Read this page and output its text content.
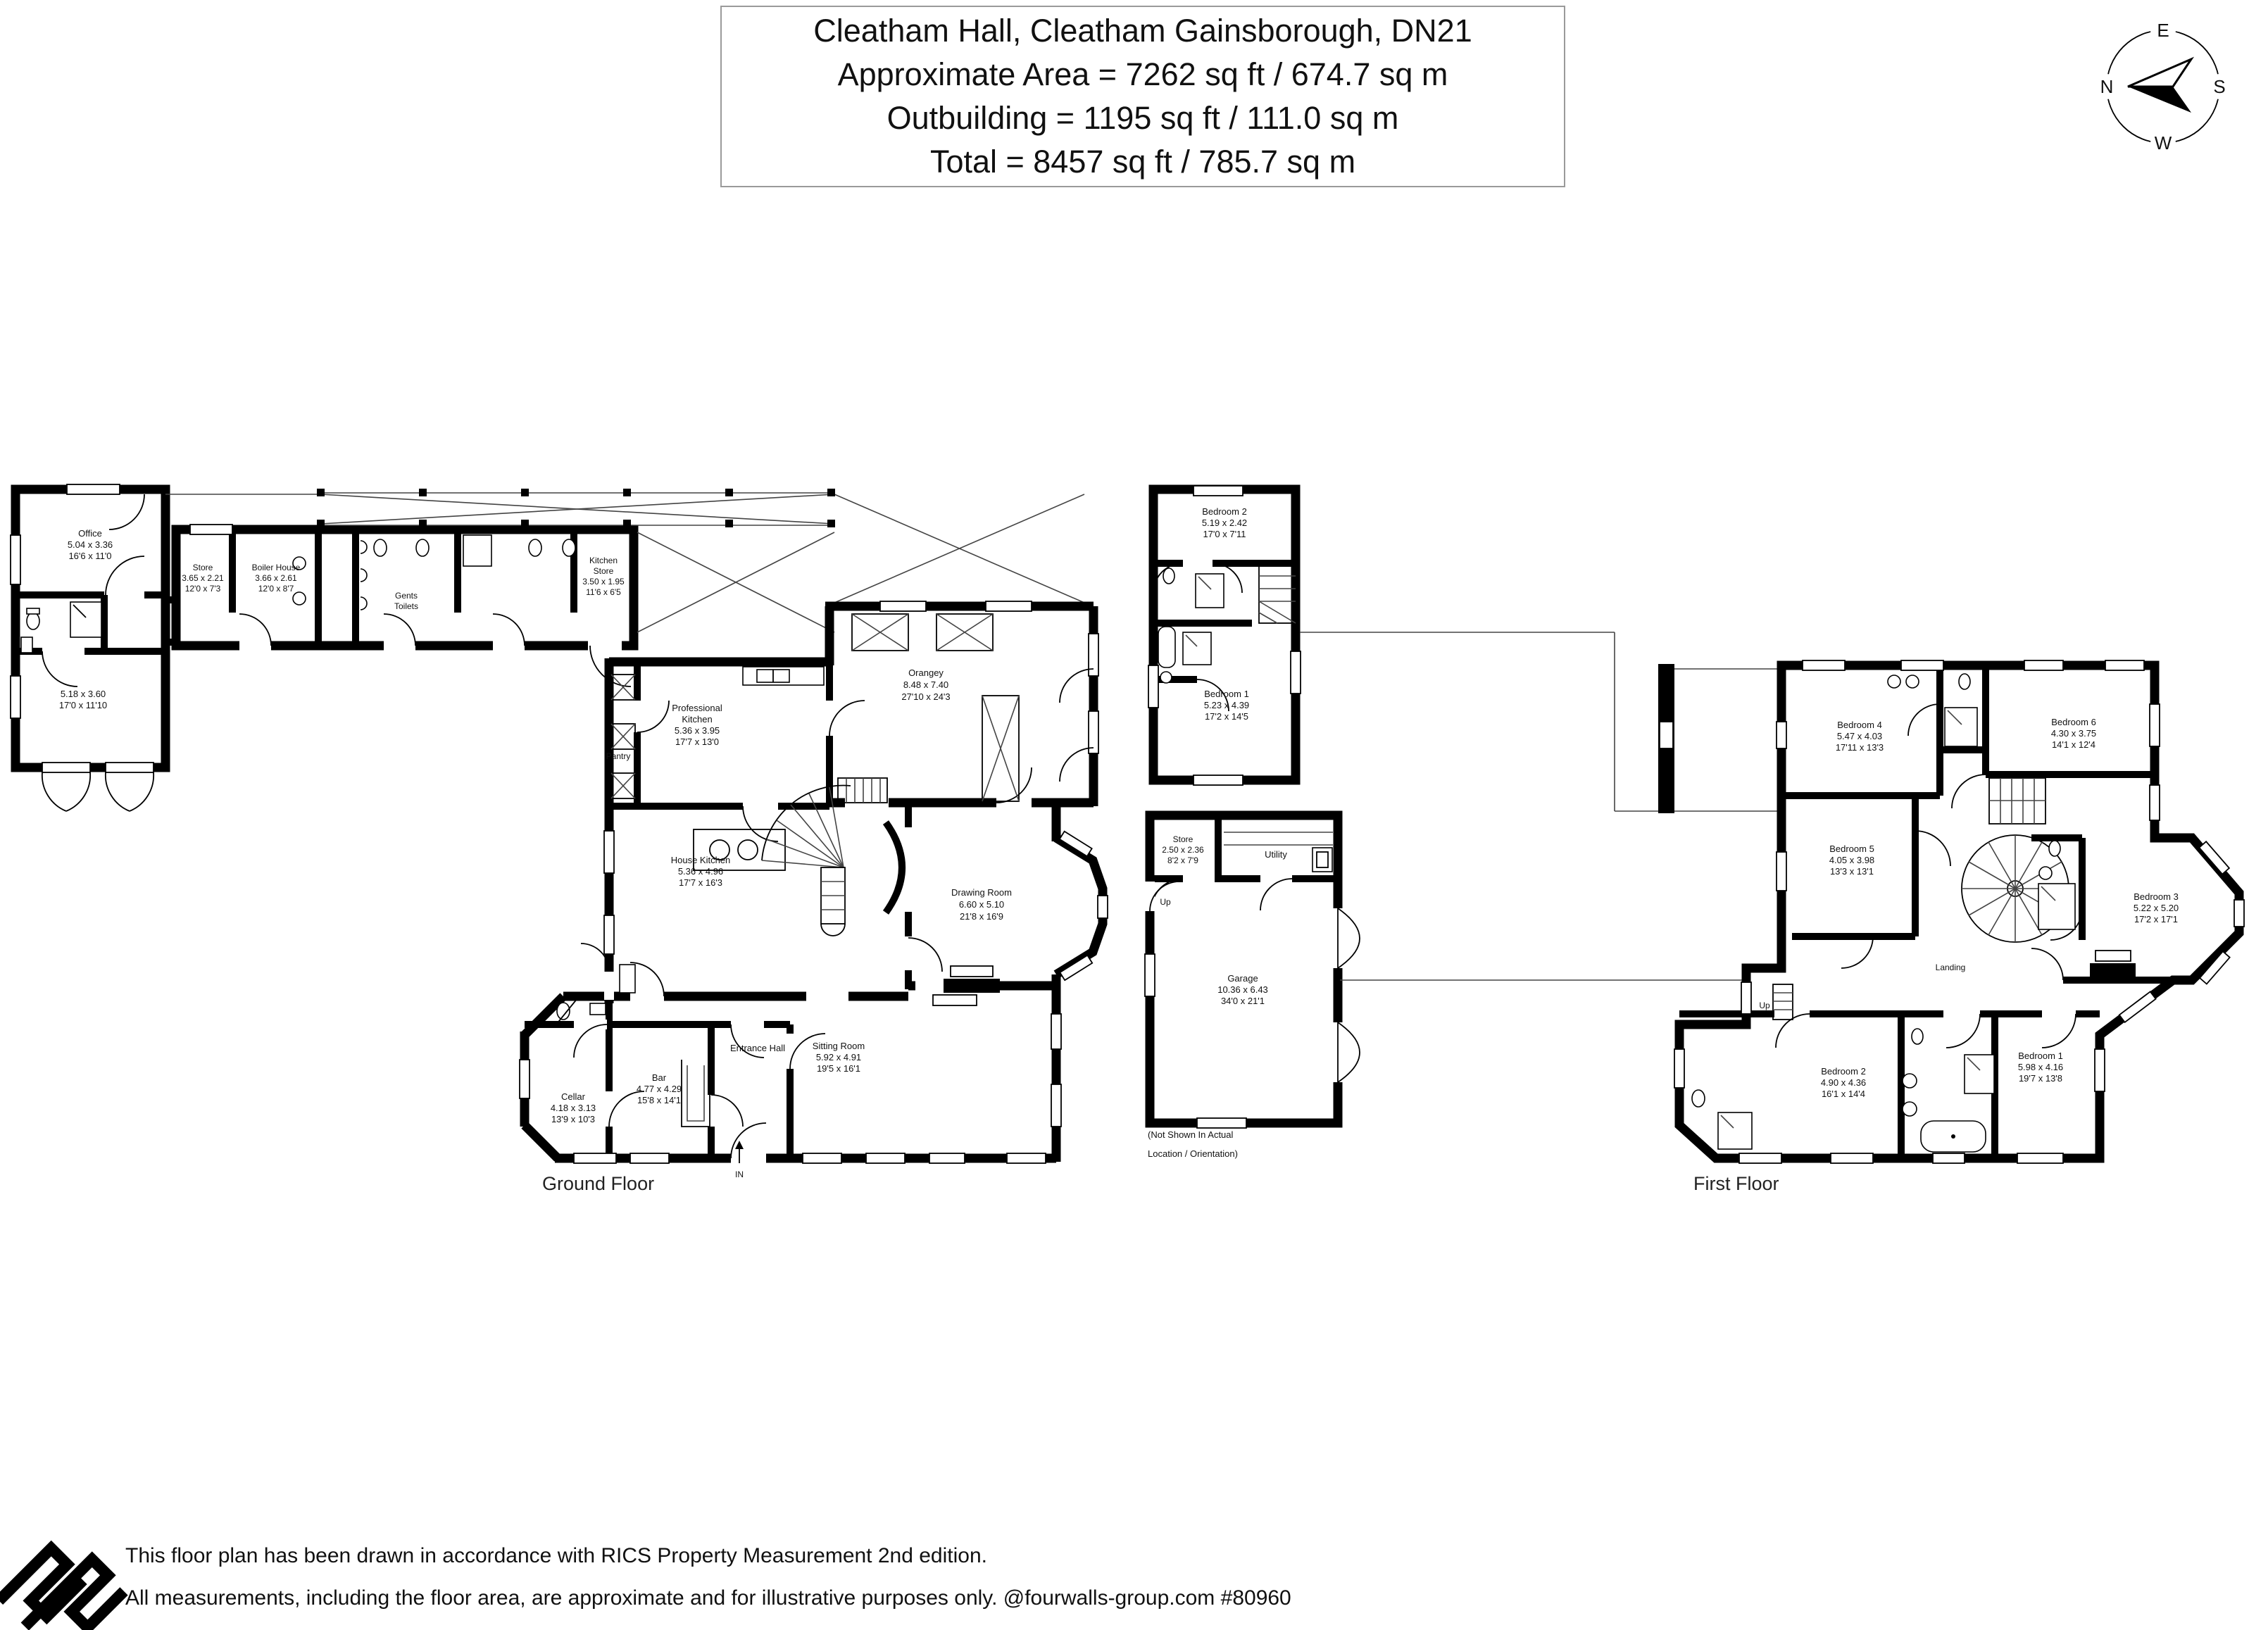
Cleatham Hall, Cleatham Gainsborough, DN21
Approximate Area = 7262 sq ft / 674.7 sq m
Outbuilding = 1195 sq ft / 111.0 sq m
Total = 8457 sq ft / 785.7 sq m
E
N	S
W
Bedroom 2
5.19 x 2.42
17'0 x 7'11
Bedroom 1
5.23 x 4.39
17'2 x 14'5
Store
2.50 x 2.36
8'2 x 7'9
Utility
Up
Garage
10.36 x 6.43
34'0 x 21'1
(Not Shown In Actual
Location / Orientation)
Bedroom 4
5.47 x 4.03
17'11 x 13'3
Bedroom 6
4.30 x 3.75
14'1 x 12'4
Bedroom 5
4.05 x 3.98
13'3 x 13'1
Bedroom 3
5.22 x 5.20
17'2 x 17'1
Landing
Up
Bedroom 2
4.90 x 4.36
16'1 x 14'4
Bedroom 1
5.98 x 4.16
19'7 x 13'8
Office
5.04 x 3.36
16'6 x 11'0
5.18 x 3.60
17'0 x 11'10
Store
3.65 x 2.21
12'0 x 7'3
Boiler House
3.66 x 2.61
12'0 x 8'7
Gents
Toilets
Kitchen
Store
3.50 x 1.95
11'6 x 6'5
Orangey
8.48 x 7.40
27'10 x 24'3
Professional
Kitchen
5.36 x 3.95
17'7 x 13'0
Pantry
House Kitchen
5.36 x 4.96
17'7 x 16'3
Drawing Room
6.60 x 5.10
21'8 x 16'9
Entrance Hall	Sitting Room
5.92 x 4.91
19'5 x 16'1
Bar
4.77 x 4.29
15'8 x 14'1
Cellar
4.18 x 3.13
13'9 x 10'3
IN
Ground Floor	First Floor
This floor plan has been drawn in accordance with RICS Property Measurement 2nd edition.
All measurements, including the floor area, are approximate and for illustrative purposes only. @fourwalls-group.com #80960
